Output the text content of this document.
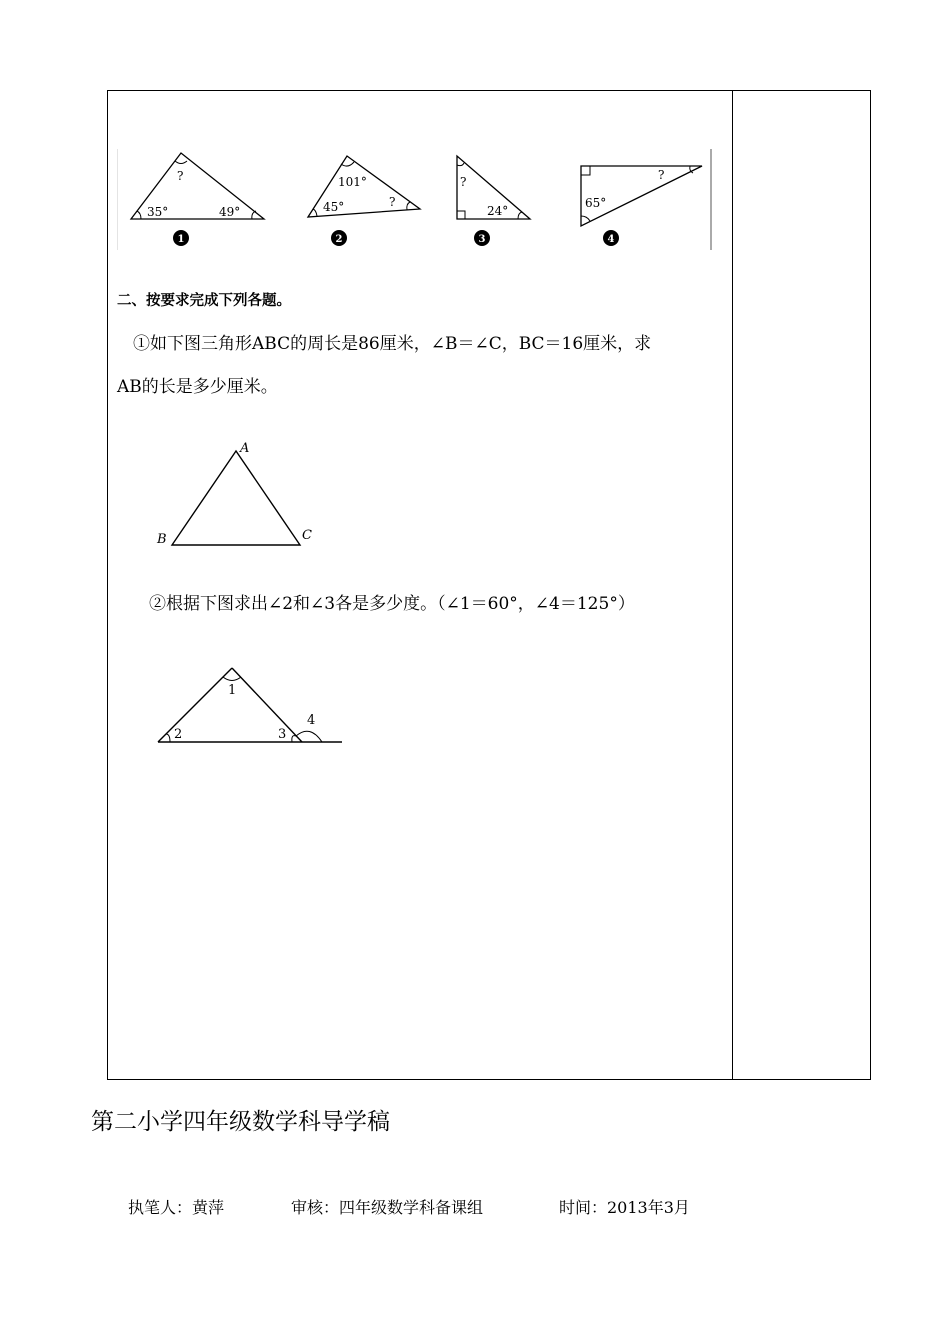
?
35°	49°
1
101°
45°	?
2
?
24°
3
?
65°
4
二、按要求完成下列各题。
①如下图三角形ABC的周长是86厘米，∠B＝∠C，BC＝16厘米，求
AB的长是多少厘米。
A
B	C
②根据下图求出∠2和∠3各是多少度。（∠1＝60°，∠4＝125°）
1
2	3
4
第二小学四年级数学科导学稿
执笔人：黄萍	审核：四年级数学科备课组	时间：2013年3月
